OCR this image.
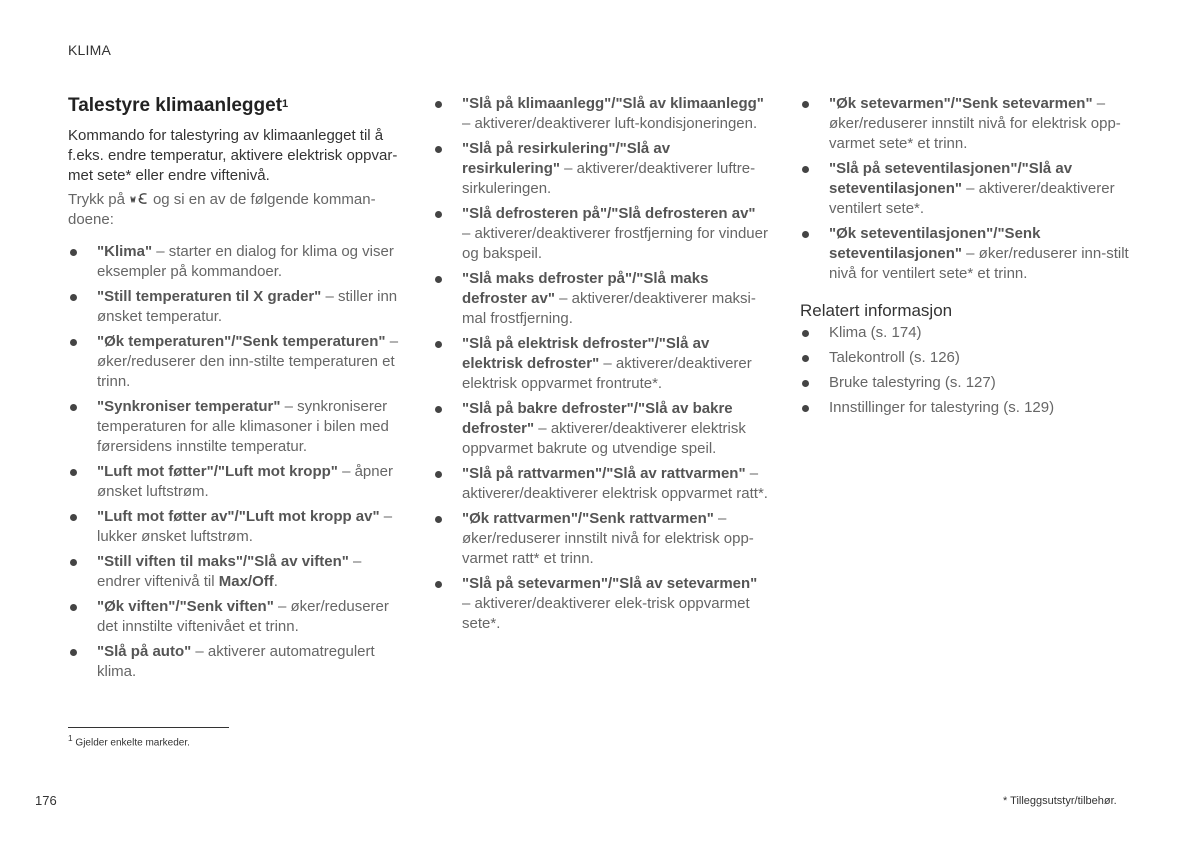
KLIMA
Talestyre klimaanlegget$^1$

Kommando for talestyring av klimaanlegget til å f.eks. endre temperatur, aktivere elektrisk oppvar-met sete* eller endre viftenivå.

Trykk på og si en av de følgende komman-doene:

"Klima" – starter en dialog for klima og viser eksempler på kommandoer.
"Still temperaturen til X grader" – stiller inn ønsket temperatur.
"Øk temperaturen"/"Senk temperaturen" – øker/reduserer den inn-stilte temperaturen et trinn.
"Synkroniser temperatur" – synkroniserer temperaturen for alle klimasoner i bilen med førersidens innstilte temperatur.
"Luft mot føtter"/"Luft mot kropp" – åpner ønsket luftstrøm.
"Luft mot føtter av"/"Luft mot kropp av" – lukker ønsket luftstrøm.
"Still viften til maks"/"Slå av viften" – endrer viftenivå til Max/Off.
"Øk viften"/"Senk viften" – øker/reduserer det innstilte viftenivået et trinn.
"Slå på auto" – aktiverer automatregulert klima.
"Slå på klimaanlegg"/"Slå av klimaanlegg" – aktiverer/deaktiverer luft-kondisjoneringen.
"Slå på resirkulering"/"Slå av resirkulering" – aktiverer/deaktiverer luftre-sirkuleringen.
"Slå defrosteren på"/"Slå defrosteren av" – aktiverer/deaktiverer frostfjerning for vinduer og bakspeil.
"Slå maks defroster på"/"Slå maks defroster av" – aktiverer/deaktiverer maksi-mal frostfjerning.
"Slå på elektrisk defroster"/"Slå av elektrisk defroster" – aktiverer/deaktiverer elektrisk oppvarmet frontrute*.
"Slå på bakre defroster"/"Slå av bakre defroster" – aktiverer/deaktiverer elektrisk oppvarmet bakrute og utvendige speil.
"Slå på rattvarmen"/"Slå av rattvarmen" – aktiverer/deaktiverer elektrisk oppvarmet ratt*.
"Øk rattvarmen"/"Senk rattvarmen" – øker/reduserer innstilt nivå for elektrisk opp-varmet ratt* et trinn.
"Slå på setevarmen"/"Slå av setevarmen" – aktiverer/deaktiverer elek-trisk oppvarmet sete*.
"Øk setevarmen"/"Senk setevarmen" – øker/reduserer innstilt nivå for elektrisk opp-varmet sete* et trinn.
"Slå på seteventilasjonen"/"Slå av seteventilasjonen" – aktiverer/deaktiverer ventilert sete*.
"Øk seteventilasjonen"/"Senk seteventilasjonen" – øker/reduserer inn-stilt nivå for ventilert sete* et trinn.
Relatert informasjon
Klima (s. 174)
Talekontroll (s. 126)
Bruke talestyring (s. 127)
Innstillinger for talestyring (s. 129)
$^1$ Gjelder enkelte markeder.
176	* Tilleggsutstyr/tilbehør.
